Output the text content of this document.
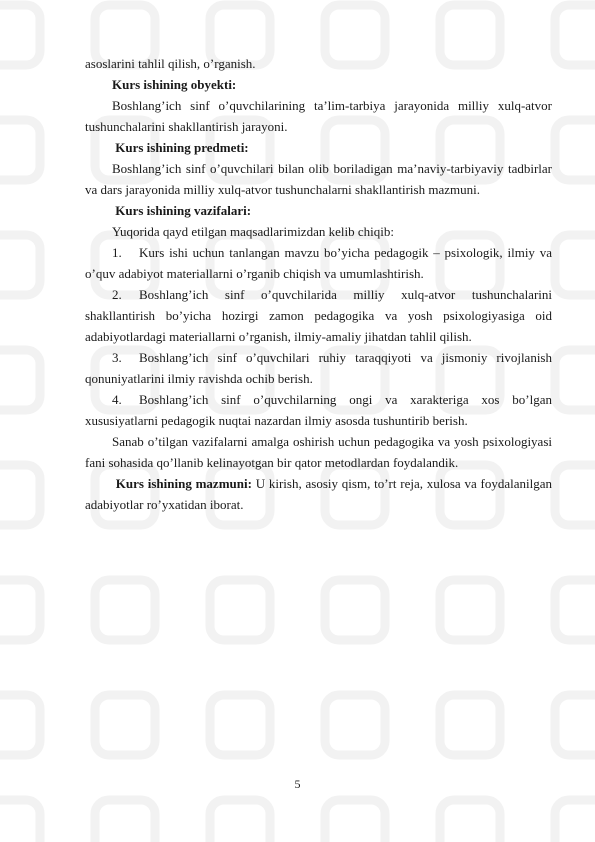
asoslarini tahlil qilish, o’rganish.

Kurs ishining obyekti:

Boshlang’ich sinf o’quvchilarining ta’lim-tarbiya jarayonida milliy xulq-atvor tushunchalarini shakllantirish jarayoni.

Kurs ishining predmeti:

Boshlang’ich sinf o’quvchilari bilan olib boriladigan ma’naviy-tarbiyaviy tadbirlar va dars jarayonida milliy xulq-atvor tushunchalarni shakllantirish mazmuni.

Kurs ishining vazifalari:

Yuqorida qayd etilgan maqsadlarimizdan kelib chiqib:

1. Kurs ishi uchun tanlangan mavzu bo’yicha pedagogik – psixologik, ilmiy va o’quv adabiyot materiallarni o’rganib chiqish va umumlashtirish.

2. Boshlang’ich sinf o’quvchilarida milliy xulq-atvor tushunchalarini shakllantirish bo’yicha hozirgi zamon pedagogika va yosh psixologiyasiga oid adabiyotlardagi materiallarni o’rganish, ilmiy-amaliy jihatdan tahlil qilish.

3. Boshlang’ich sinf o’quvchilari ruhiy taraqqiyoti va jismoniy rivojlanish qonuniyatlarini ilmiy ravishda ochib berish.

4. Boshlang’ich sinf o’quvchilarning ongi va xarakteriga xos bo’lgan xususiyatlarni pedagogik nuqtai nazardan ilmiy asosda tushuntirib berish.

Sanab o’tilgan vazifalarni amalga oshirish uchun pedagogika va yosh psixologiyasi fani sohasida qo’llanib kelinayotgan bir qator metodlardan foydalandik.

Kurs ishining mazmuni: U kirish, asosiy qism, to’rt reja, xulosa va foydalanilgan adabiyotlar ro’yxatidan iborat.

5
